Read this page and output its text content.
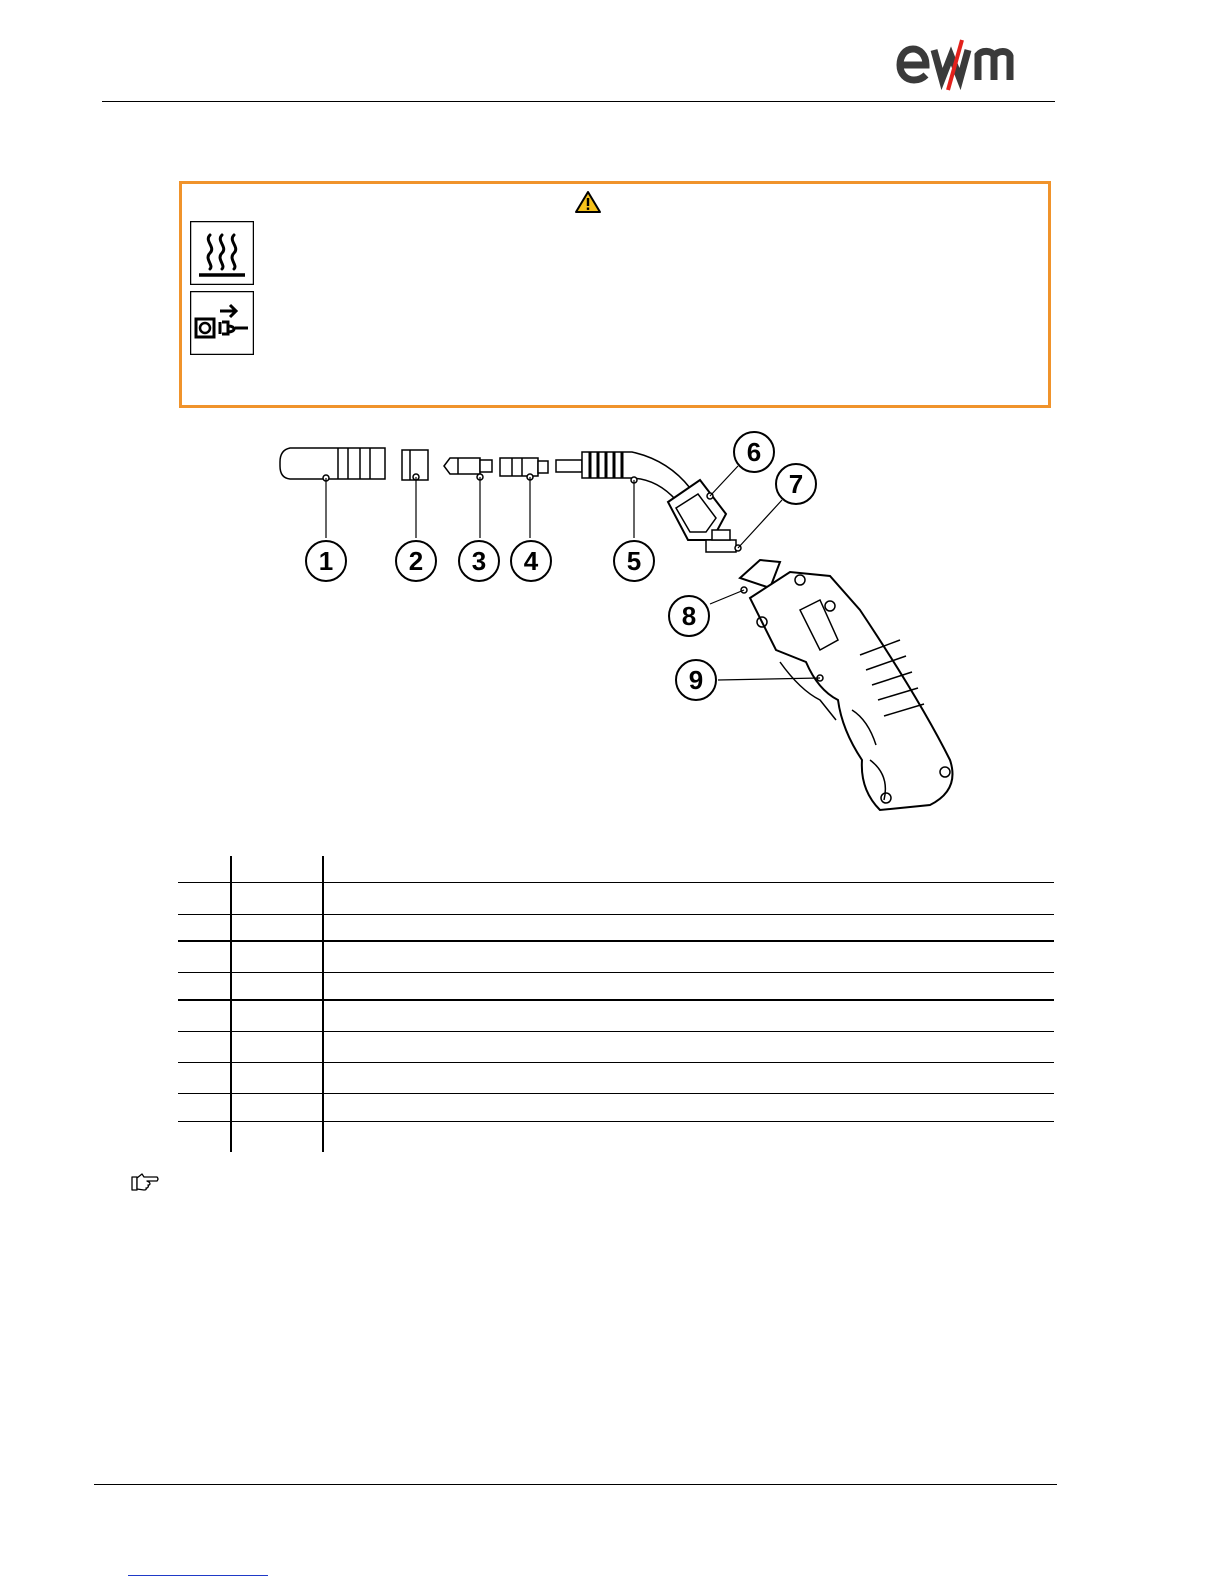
1	2 3 4	5
6
7
8
9
